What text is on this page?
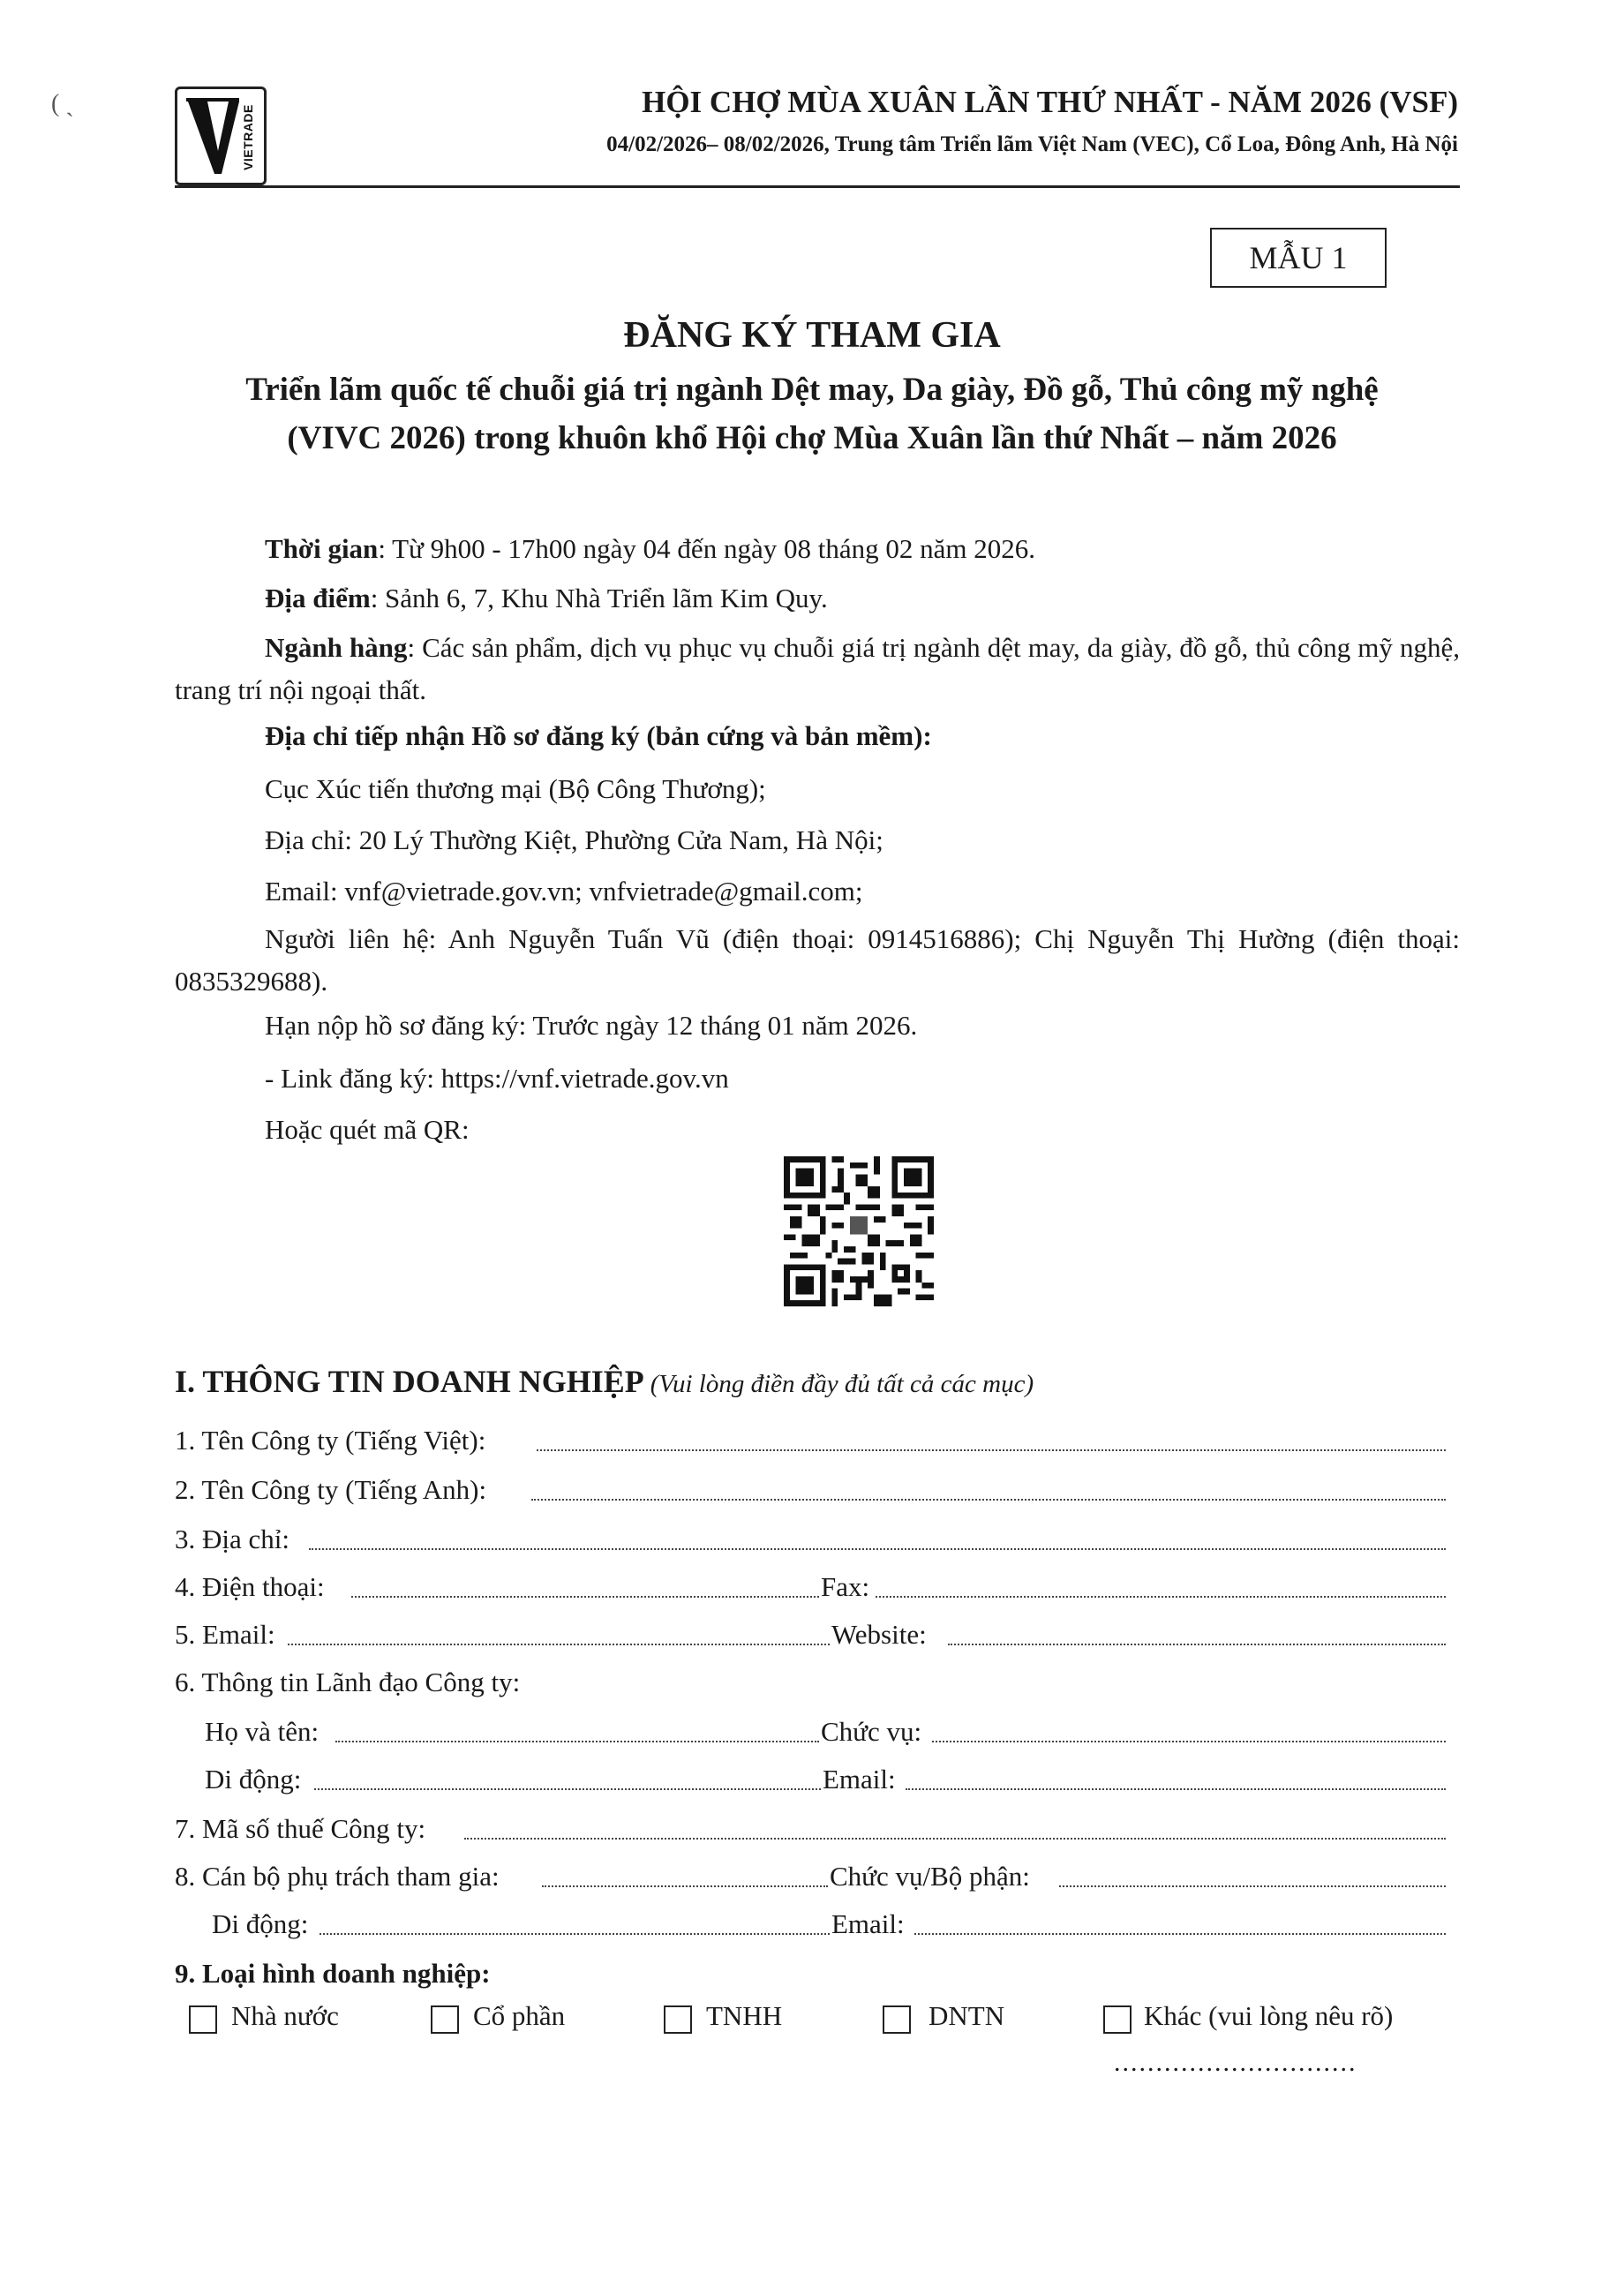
( ˏ
VIETRADE
HỘI CHỢ MÙA XUÂN LẦN THỨ NHẤT - NĂM 2026 (VSF)
04/02/2026– 08/02/2026, Trung tâm Triển lãm Việt Nam (VEC), Cổ Loa, Đông Anh, Hà Nội
MẪU 1
ĐĂNG KÝ THAM GIA
Triển lãm quốc tế chuỗi giá trị ngành Dệt may, Da giày, Đồ gỗ, Thủ công mỹ nghệ
(VIVC 2026) trong khuôn khổ Hội chợ Mùa Xuân lần thứ Nhất – năm 2026
Thời gian: Từ 9h00 - 17h00 ngày 04 đến ngày 08 tháng 02 năm 2026.
Địa điểm: Sảnh 6, 7, Khu Nhà Triển lãm Kim Quy.
Ngành hàng: Các sản phẩm, dịch vụ phục vụ chuỗi giá trị ngành dệt may, da giày, đồ gỗ, thủ công mỹ nghệ, trang trí nội ngoại thất.
Địa chỉ tiếp nhận Hồ sơ đăng ký (bản cứng và bản mềm):
Cục Xúc tiến thương mại (Bộ Công Thương);
Địa chỉ: 20 Lý Thường Kiệt, Phường Cửa Nam, Hà Nội;
Email: vnf@vietrade.gov.vn; vnfvietrade@gmail.com;
Người liên hệ: Anh Nguyễn Tuấn Vũ (điện thoại: 0914516886); Chị Nguyễn Thị Hường (điện thoại: 0835329688).
Hạn nộp hồ sơ đăng ký: Trước ngày 12 tháng 01 năm 2026.
- Link đăng ký: https://vnf.vietrade.gov.vn
Hoặc quét mã QR:
I. THÔNG TIN DOANH NGHIỆP (Vui lòng điền đầy đủ tất cả các mục)
1. Tên Công ty (Tiếng Việt):
2. Tên Công ty (Tiếng Anh):
3. Địa chỉ:
4. Điện thoại:	Fax:
5. Email:	Website:
6. Thông tin Lãnh đạo Công ty:
Họ và tên:	Chức vụ:
Di động:	Email:
7. Mã số thuế Công ty:
8. Cán bộ phụ trách tham gia:	Chức vụ/Bộ phận:
Di động:	Email:
9. Loại hình doanh nghiệp:
Nhà nước	Cổ phần	TNHH	DNTN	Khác (vui lòng nêu rõ)
.............................
